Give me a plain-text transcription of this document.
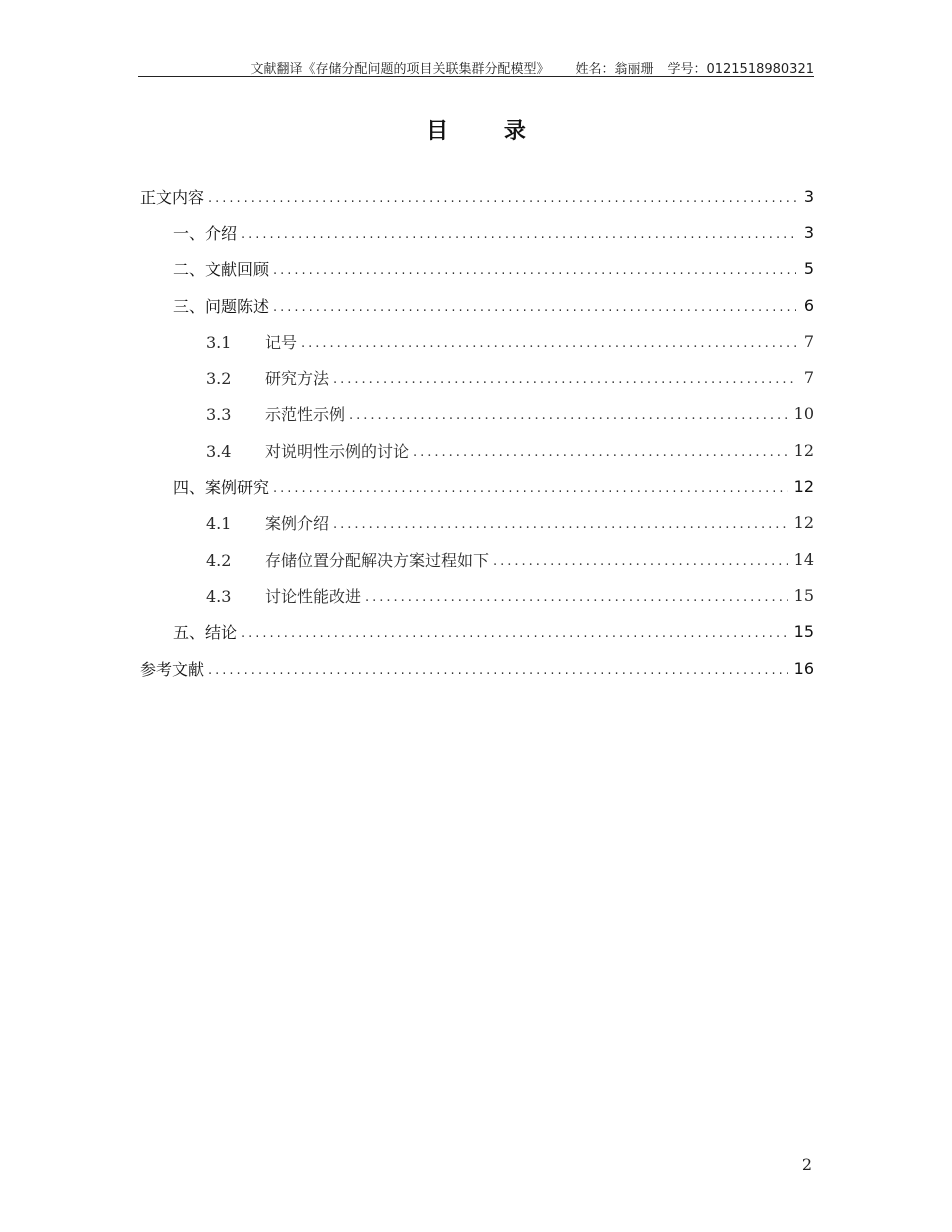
文献翻译《存储分配问题的项目关联集群分配模型》 姓名：翁丽珊 学号：0121518980321
目 录
正文内容 .....	3
一、介绍 .....	3
二、文献回顾 .....	5
三、问题陈述 .....	6
3.1 记号 .....	7
3.2 研究方法 .....	7
3.3 示范性示例 .....	10
3.4 对说明性示例的讨论 .....	12
四、案例研究 .....	12
4.1 案例介绍 .....	12
4.2 存储位置分配解决方案过程如下 .....	14
4.3 讨论性能改进 .....	15
五、结论 .....	15
参考文献 .....	16
2
